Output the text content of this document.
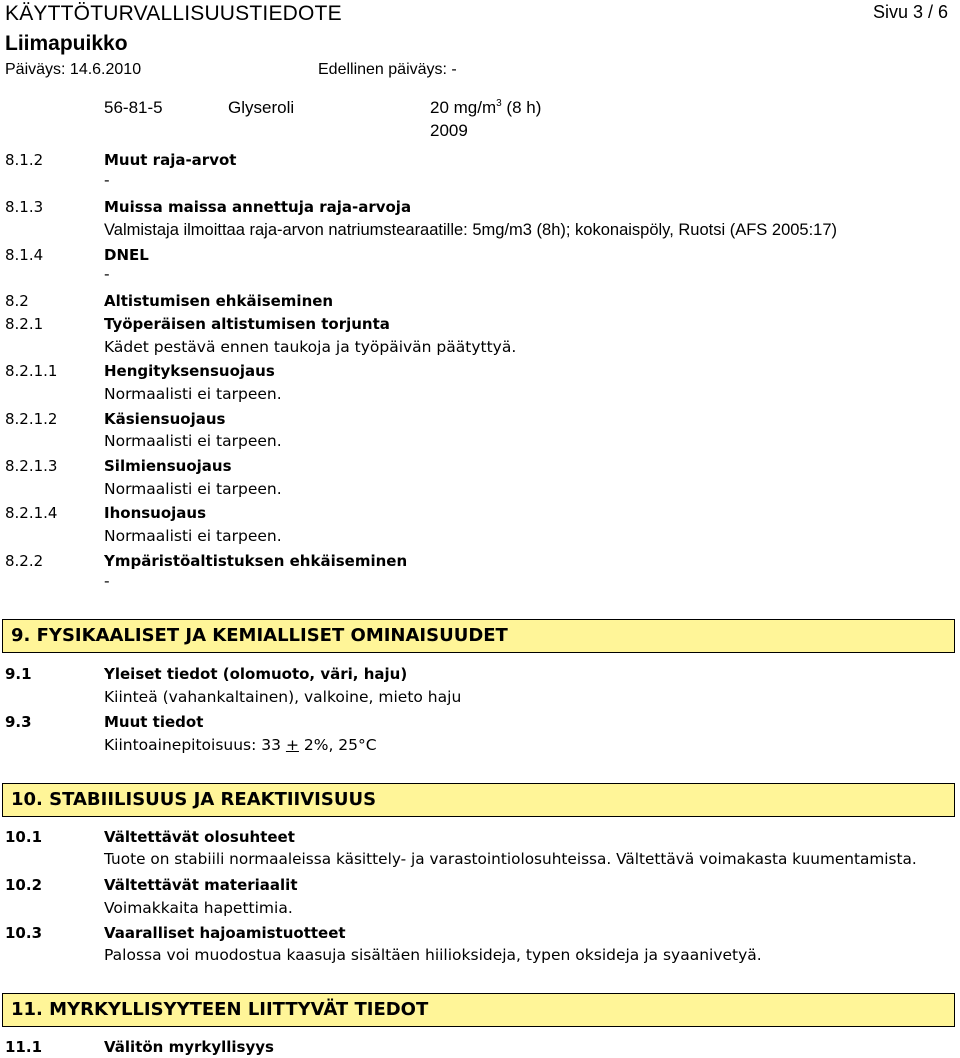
KÄYTTÖTURVALLISUUSTIEDOTE	Sivu 3 / 6
Liimapuikko
Päiväys: 14.6.2010	Edellinen päiväys: -
56-81-5	Glyseroli	20 $mg/m^3$ (8 h)
2009
8.1.2	Muut raja-arvot
-
8.1.3	Muissa maissa annettuja raja-arvoja
Valmistaja ilmoittaa raja-arvon natriumstearaatille: 5mg/m3 (8h); kokonaispöly, Ruotsi (AFS 2005:17)
8.1.4	DNEL
-
8.2	Altistumisen ehkäiseminen
8.2.1	Työperäisen altistumisen torjunta
Kädet pestävä ennen taukoja ja työpäivän päätyttyä.
8.2.1.1	Hengityksensuojaus
Normaalisti ei tarpeen.
8.2.1.2	Käsiensuojaus
Normaalisti ei tarpeen.
8.2.1.3	Silmiensuojaus
Normaalisti ei tarpeen.
8.2.1.4	Ihonsuojaus
Normaalisti ei tarpeen.
8.2.2	Ympäristöaltistuksen ehkäiseminen
-
9. FYSIKAALISET JA KEMIALLISET OMINAISUUDET
9.1	Yleiset tiedot (olomuoto, väri, haju)
Kiinteä (vahankaltainen), valkoine, mieto haju
9.3	Muut tiedot
Kiintoainepitoisuus: 33 + 2%, 25°C
10. STABIILISUUS JA REAKTIIVISUUS
10.1	Vältettävät olosuhteet
Tuote on stabiili normaaleissa käsittely- ja varastointiolosuhteissa. Vältettävä voimakasta kuumentamista.
10.2	Vältettävät materiaalit
Voimakkaita hapettimia.
10.3	Vaaralliset hajoamistuotteet
Palossa voi muodostua kaasuja sisältäen hiilioksideja, typen oksideja ja syaanivetyä.
11. MYRKYLLISYYTEEN LIITTYVÄT TIEDOT
11.1	Välitön myrkyllisyys
